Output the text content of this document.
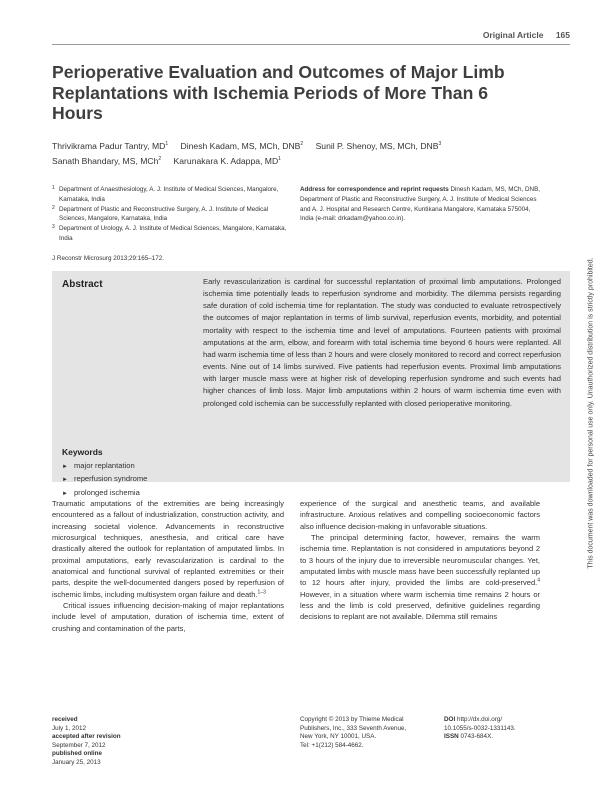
Original Article 165
Perioperative Evaluation and Outcomes of Major Limb Replantations with Ischemia Periods of More Than 6 Hours
Thrivikrama Padur Tantry, $MD^1$ Dinesh Kadam, MS, MCh, DNB$^2$ Sunil P. Shenoy, MS, MCh, DNB$^3$
Sanath Bhandary, MS, MCh$^2$ Karunakara K. Adappa, $MD^1$
1 Department of Anaesthesiology, A. J. Institute of Medical Sciences, Mangalore, Karnataka, India
2 Department of Plastic and Reconstructive Surgery, A. J. Institute of Medical Sciences, Mangalore, Karnataka, India
3 Department of Urology, A. J. Institute of Medical Sciences, Mangalore, Karnataka, India
Address for correspondence and reprint requests Dinesh Kadam, MS, MCh, DNB, Department of Plastic and Reconstructive Surgery, A. J. Institute of Medical Sciences and A. J. Hospital and Research Centre, Kuntikana Mangalore, Karnataka 575004, India (e-mail: drkadam@yahoo.co.in).
J Reconstr Microsurg 2013;29:165–172.
Abstract	Early revascularization is cardinal for successful replantation of proximal limb amputations. Prolonged ischemia time potentially leads to reperfusion syndrome and morbidity. The dilemma persists regarding safe duration of cold ischemia time for replantation. The study was conducted to evaluate retrospectively the outcomes of major replantation in terms of limb survival, reperfusion events, morbidity, and potential mortality with respect to the ischemia time and level of amputations. Fourteen patients with proximal amputations at the arm, elbow, and forearm with total ischemia time beyond 6 hours were replanted. All had warm ischemia time of less than 2 hours and were closely monitored to record and correct reperfusion events. Nine out of 14 limbs survived. Five patients had reperfusion events. Proximal limb amputations with larger muscle mass were at higher risk of developing reperfusion syndrome and such events had higher chances of limb loss. Major limb amputations within 2 hours of warm ischemia time even with prolonged cold ischemia can be successfully replanted with closed perioperative monitoring.
Keywords
► major replantation
► reperfusion syndrome
► prolonged ischemia

Traumatic amputations of the extremities are being increasingly encountered as a fallout of industrialization, construction activity, and increasing societal violence. Advancements in reconstructive microsurgical techniques, anesthesia, and critical care have drastically altered the outlook for replantation of amputated limbs. In proximal amputations, early revascularization is cardinal to the anatomical and functional survival of replanted extremities or their parts, despite the well-documented dangers posed by reperfusion of ischemic limbs, including multisystem organ failure and death.$^{1-3}$

Critical issues influencing decision-making of major replantations include level of amputation, duration of ischemia time, extent of crushing and contamination of the parts,

experience of the surgical and anesthetic teams, and available infrastructure. Anxious relatives and compelling socioeconomic factors also influence decision-making in unfavorable situations.

The principal determining factor, however, remains the warm ischemia time. Replantation is not considered in amputations beyond 2 to 3 hours of the injury due to irreversible neuromuscular changes. Yet, amputated limbs with muscle mass have been successfully replanted up to 12 hours after injury, provided the limbs are cold-preserved.$^4$ However, in a situation where warm ischemia time remains 2 hours or less and the limb is cold preserved, definitive guidelines regarding decisions to replant are not available. Dilemma still remains

received
July 1, 2012
accepted after revision
September 7, 2012
published online
January 25, 2013
Copyright © 2013 by Thieme Medical
Publishers, Inc., 333 Seventh Avenue,
New York, NY 10001, USA.
Tel: +1(212) 584-4662.
DOI http://dx.doi.org/
10.1055/s-0032-1331143.
ISSN 0743-684X.
This document was downloaded for personal use only. Unauthorized distribution is strictly prohibited.
